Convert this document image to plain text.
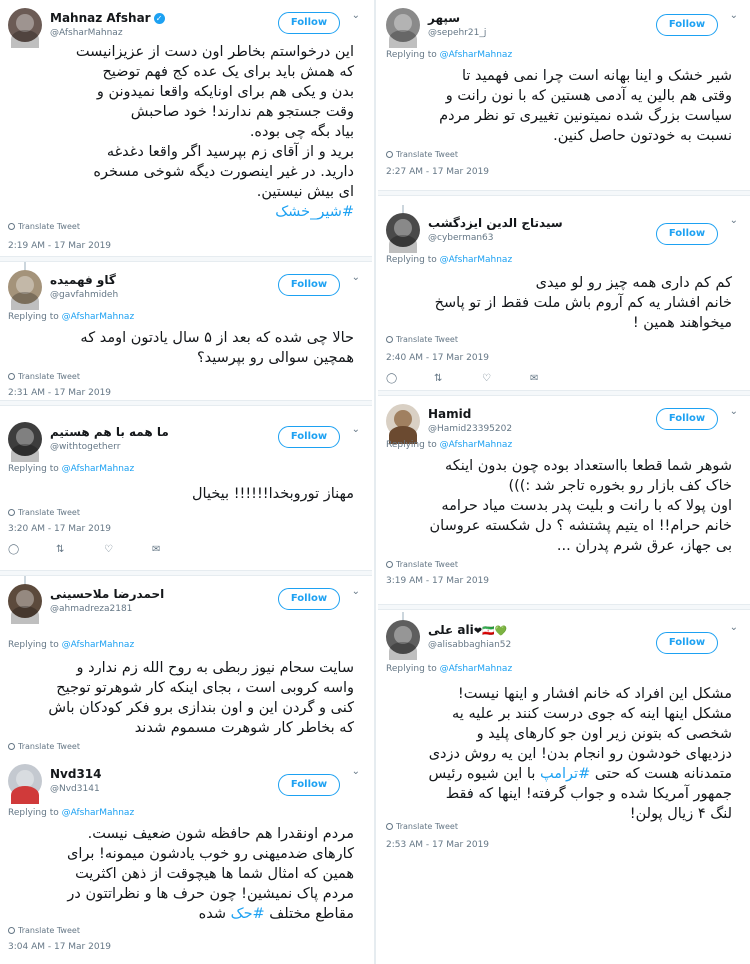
Mahnaz Afshar ✓
@AfsharMahnaz
Follow
⌄
این درخواستم بخاطر اون دست از عزیزانیست
که همش باید برای یک عده کج فهم توضیح
بدن و یکی هم برای اونایکه واقعا نمیدونن و
وقت جستجو هم ندارند! خود صاحبش
بیاد بگه چی بوده.
برید و از آقای زم بپرسید اگر واقعا دغدغه
دارید. در غیر اینصورت دیگه شوخی مسخره
ای بیش نیستین.
#شیر_خشک
Translate Tweet
2:19 AM - 17 Mar 2019
گاو فهمیده
@gavfahmideh
Follow
⌄
Replying to @AfsharMahnaz
حالا چی شده که بعد از ۵ سال یادتون اومد که
همچین سوالی رو بپرسید؟
Translate Tweet
2:31 AM - 17 Mar 2019
ما همه با هم هستیم
@withtogetherr
Follow
⌄
Replying to @AfsharMahnaz
مهناز توروبخدا!!!!!! بیخیال
Translate Tweet
3:20 AM - 17 Mar 2019
◯	⇅	♡	✉
احمدرضا ملاحسینی
@ahmadreza2181
Follow
⌄
Replying to @AfsharMahnaz
سایت سحام نیوز ربطی به روح الله زم ندارد و
واسه کروبی است ، بجای اینکه کار شوهرتو توجیح
کنی و گردن این و اون بندازی برو فکر کودکان باش
که بخاطر کار شوهرت مسموم شدند
Translate Tweet
Nvd314
@Nvd3141	Follow
⌄
Replying to @AfsharMahnaz
مردم اونقدرا هم حافظه شون ضعیف نیست.
کارهای ضدمیهنی رو خوب یادشون میمونه! برای
همین که امثال شما ها هیچوقت از ذهن اکثریت
مردم پاک نمیشین! چون حرف ها و نظراتتون در
مقاطع مختلف #حک شده
Translate Tweet
3:04 AM - 17 Mar 2019
سپهر
@sepehr21_j
Follow
⌄
Replying to @AfsharMahnaz
شیر خشک و اینا بهانه است چرا نمی فهمید تا
وقتی هم بالین یه آدمی هستین که با نون رانت و
سیاست بزرگ شده نمیتونین تغییری تو نظر مردم
نسبت به خودتون حاصل کنین.
Translate Tweet
2:27 AM - 17 Mar 2019
سیدتاج الدین ایزدگشب
@cyberman63	Follow
⌄
Replying to @AfsharMahnaz
کم کم داری همه چیز رو لو میدی
خانم افشار یه کم آروم باش ملت فقط از تو پاسخ
میخواهند همین !
Translate Tweet
2:40 AM - 17 Mar 2019
◯	⇅	♡	✉
Hamid
@Hamid23395202
Follow
⌄
Replying to @AfsharMahnaz
شوهر شما قطعا بااستعداد بوده چون بدون اینکه
خاک کف بازار رو بخوره تاجر شد :)))
اون پولا که با رانت و بلیت پدر بدست میاد حرامه
خانم حرام!! اه یتیم پشتشه ؟ دل شکسته عروسان
بی جهاز، عرق شرم پدران ...
Translate Tweet
3:19 AM - 17 Mar 2019
علی ali❤🇮🇷💚
@alisabbaghian52	Follow
⌄
Replying to @AfsharMahnaz
مشکل این افراد که خانم افشار و اینها نیست!
مشکل اینها اینه که جوی درست کنند بر علیه یه
شخصی که بتونن زیر اون جو کارهای پلید و
دزدیهای خودشون رو انجام بدن! این یه روش دزدی
متمدنانه هست که حتی #ترامپ با این شیوه رئیس
جمهور آمریکا شده و جواب گرفته! اینها که فقط
لنگ ۴ زیال پولن!
Translate Tweet
2:53 AM - 17 Mar 2019
